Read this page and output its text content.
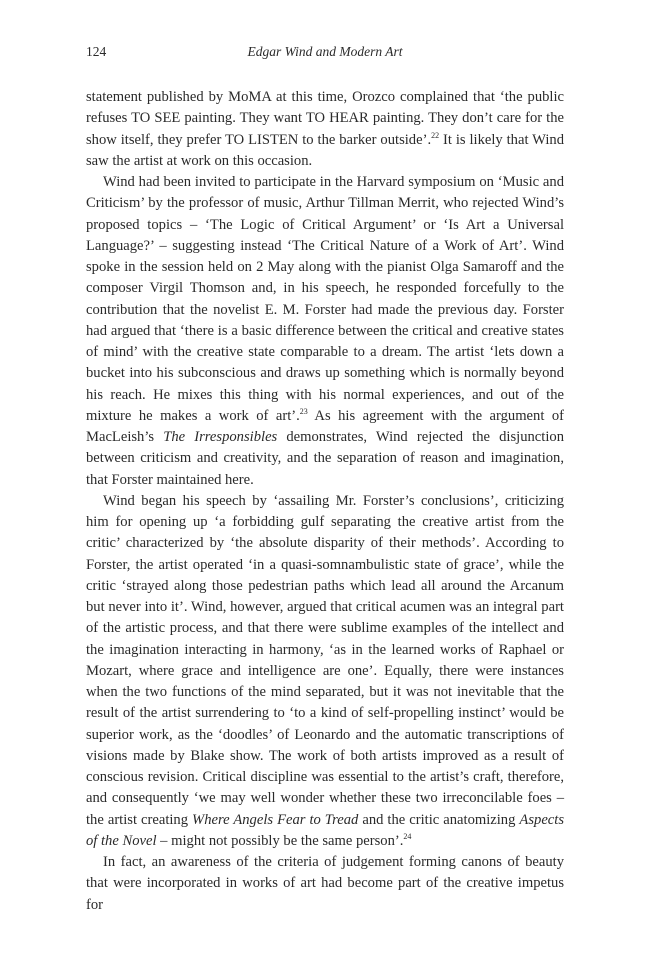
124	Edgar Wind and Modern Art

statement published by MoMA at this time, Orozco complained that ‘the public refuses TO SEE painting. They want TO HEAR painting. They don’t care for the show itself, they prefer TO LISTEN to the barker outside’.$^{22}$ It is likely that Wind saw the artist at work on this occasion.

Wind had been invited to participate in the Harvard symposium on ‘Music and Criticism’ by the professor of music, Arthur Tillman Merrit, who rejected Wind’s proposed topics – ‘The Logic of Critical Argument’ or ‘Is Art a Universal Language?’ – suggesting instead ‘The Critical Nature of a Work of Art’. Wind spoke in the session held on 2 May along with the pianist Olga Samaroff and the composer Virgil Thomson and, in his speech, he responded forcefully to the contribution that the novelist E. M. Forster had made the previous day. Forster had argued that ‘there is a basic difference between the critical and creative states of mind’ with the creative state comparable to a dream. The artist ‘lets down a bucket into his subconscious and draws up something which is normally beyond his reach. He mixes this thing with his normal experiences, and out of the mixture he makes a work of art’.$^{23}$ As his agreement with the argument of MacLeish’s The Irresponsibles demonstrates, Wind rejected the disjunction between criticism and creativity, and the separation of reason and imagination, that Forster maintained here.

Wind began his speech by ‘assailing Mr. Forster’s conclusions’, criticizing him for opening up ‘a forbidding gulf separating the creative artist from the critic’ characterized by ‘the absolute disparity of their methods’. According to Forster, the artist operated ‘in a quasi-somnambulistic state of grace’, while the critic ‘strayed along those pedestrian paths which lead all around the Arcanum but never into it’. Wind, however, argued that critical acumen was an integral part of the artistic process, and that there were sublime examples of the intellect and the imagination interacting in harmony, ‘as in the learned works of Raphael or Mozart, where grace and intelligence are one’. Equally, there were instances when the two functions of the mind separated, but it was not inevitable that the result of the artist surrendering to ‘to a kind of self-propelling instinct’ would be superior work, as the ‘doodles’ of Leonardo and the automatic transcriptions of visions made by Blake show. The work of both artists improved as a result of conscious revision. Critical discipline was essential to the artist’s craft, therefore, and consequently ‘we may well wonder whether these two irreconcilable foes – the artist creating Where Angels Fear to Tread and the critic anatomizing Aspects of the Novel – might not possibly be the same person’.$^{24}$

In fact, an awareness of the criteria of judgement forming canons of beauty that were incorporated in works of art had become part of the creative impetus for
